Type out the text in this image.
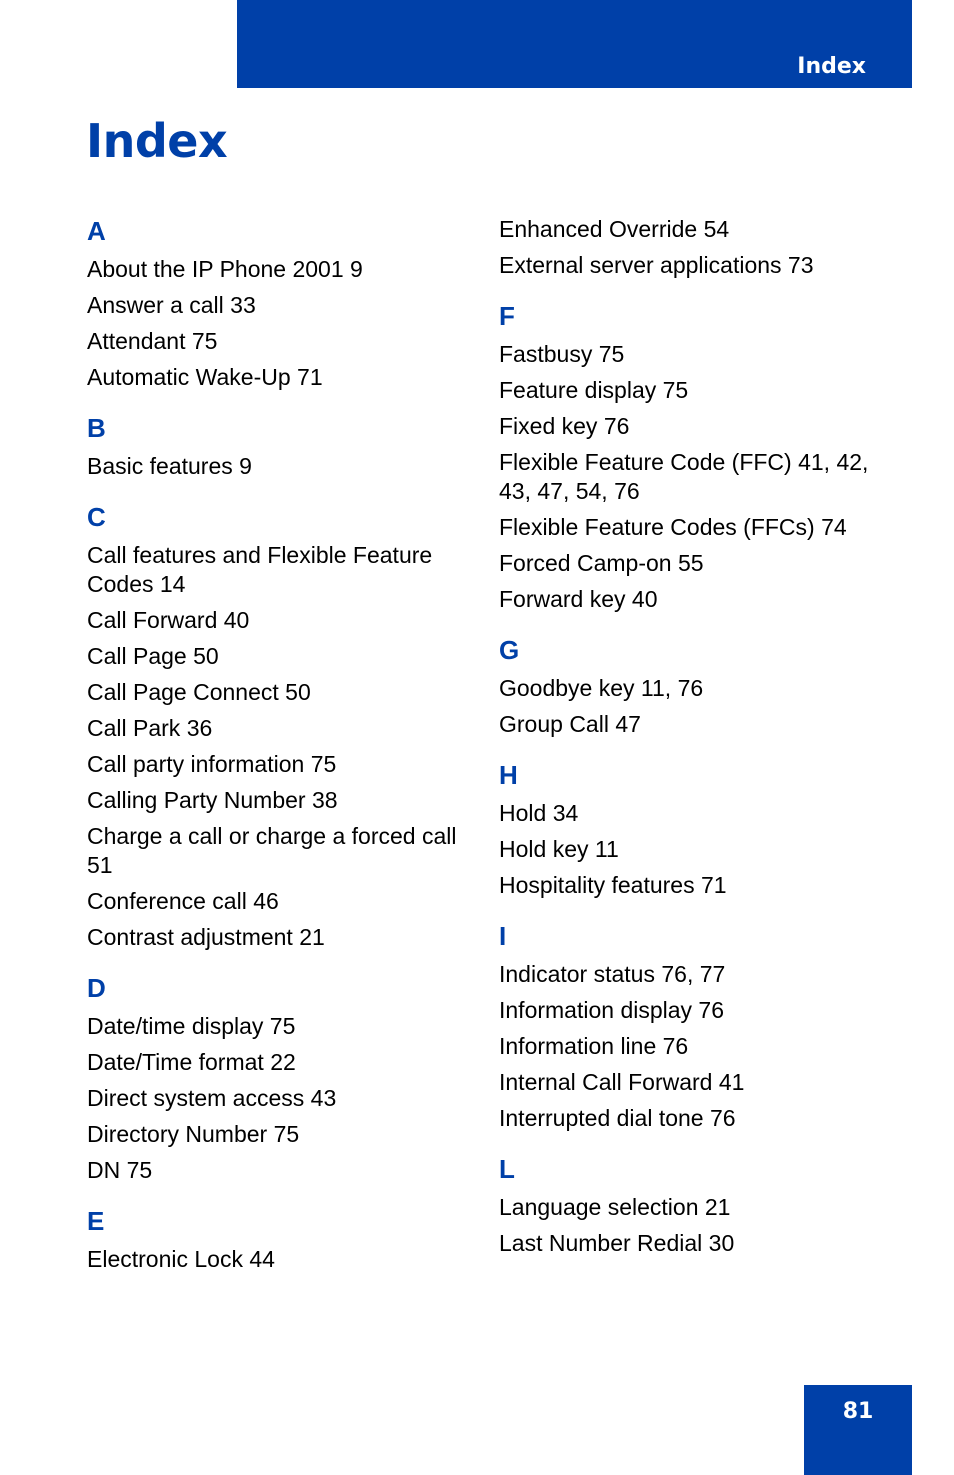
Index
Index
A
About the IP Phone 2001 9
Answer a call 33
Attendant 75
Automatic Wake-Up 71
B
Basic features 9
C
Call features and Flexible Feature Codes 14
Call Forward 40
Call Page 50
Call Page Connect 50
Call Park 36
Call party information 75
Calling Party Number 38
Charge a call or charge a forced call 51
Conference call 46
Contrast adjustment 21
D
Date/time display 75
Date/Time format 22
Direct system access 43
Directory Number 75
DN 75
E
Electronic Lock 44
Enhanced Override 54
External server applications 73
F
Fastbusy 75
Feature display 75
Fixed key 76
Flexible Feature Code (FFC) 41, 42, 43, 47, 54, 76
Flexible Feature Codes (FFCs) 74
Forced Camp-on 55
Forward key 40
G
Goodbye key 11, 76
Group Call 47
H
Hold 34
Hold key 11
Hospitality features 71
I
Indicator status 76, 77
Information display 76
Information line 76
Internal Call Forward 41
Interrupted dial tone 76
L
Language selection 21
Last Number Redial 30
81
